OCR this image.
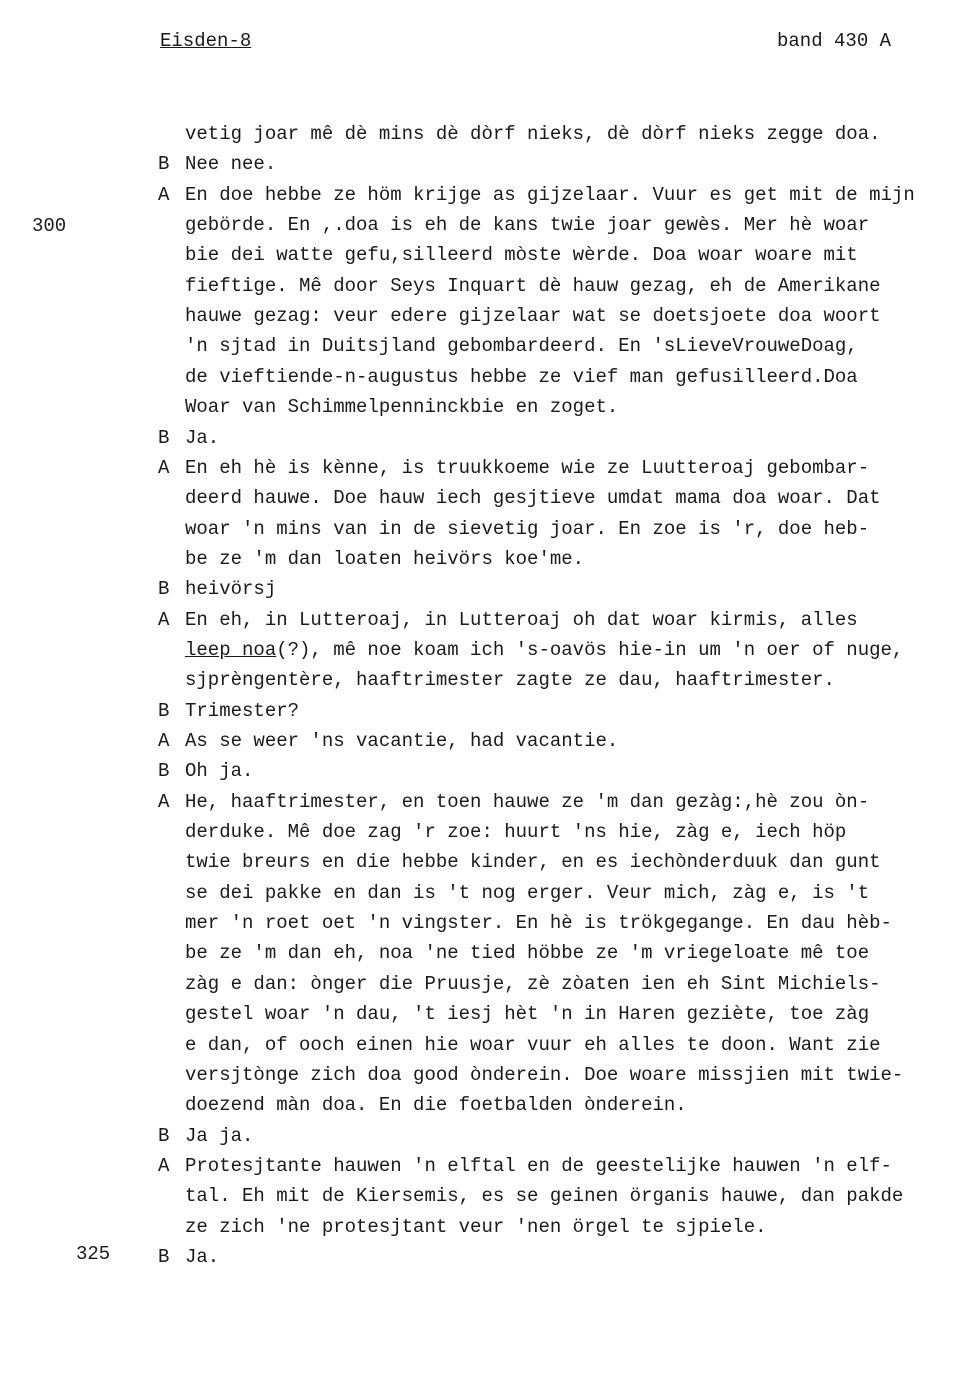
Eisden-8	band 430 A
300
325
vetig joar mê dè mins dè dòrf nieks, dè dòrf nieks zegge doa.
B Nee nee.
A En doe hebbe ze höm krijge as gijzelaar. Vuur es get mit de mijn
gebörde. En ,.doa is eh de kans twie joar gewès. Mer hè woar
bie dei watte gefu,silleerd mòste wèrde. Doa woar woare mit
fieftige. Mê door Seys Inquart dè hauw gezag, eh de Amerikane
hauwe gezag: veur edere gijzelaar wat se doetsjoete doa woort
'n sjtad in Duitsjland gebombardeerd. En 'sLieveVrouweDoag,
de vieftiende-n-augustus hebbe ze vief man gefusilleerd.Doa
Woar van Schimmelpenninckbie en zoget.
B Ja.
A En eh hè is kènne, is truukkoeme wie ze Luutteroaj gebombar-
deerd hauwe. Doe hauw iech gesjtieve umdat mama doa woar. Dat
woar 'n mins van in de sievetig joar. En zoe is 'r, doe heb-
be ze 'm dan loaten heivörs koe'me.
B heivörsj
A En eh, in Lutteroaj, in Lutteroaj oh dat woar kirmis, alles
leep noa(?), mê noe koam ich 's-oavös hie-in um 'n oer of nuge,
sjprèngentère, haaftrimester zagte ze dau, haaftrimester.
B Trimester?
A As se weer 'ns vacantie, had vacantie.
B Oh ja.
A He, haaftrimester, en toen hauwe ze 'm dan gezàg:,hè zou òn-
derduke. Mê doe zag 'r zoe: huurt 'ns hie, zàg e, iech höp
twie breurs en die hebbe kinder, en es iechònderduuk dan gunt
se dei pakke en dan is 't nog erger. Veur mich, zàg e, is 't
mer 'n roet oet 'n vingster. En hè is trökgegange. En dau hèb-
be ze 'm dan eh, noa 'ne tied höbbe ze 'm vriegeloate mê toe
zàg e dan: ònger die Pruusje, zè zòaten ien eh Sint Michiels-
gestel woar 'n dau, 't iesj hèt 'n in Haren geziète, toe zàg
e dan, of ooch einen hie woar vuur eh alles te doon. Want zie
versjtònge zich doa good ònderein. Doe woare missjien mit twie-
doezend màn doa. En die foetbalden ònderein.
B Ja ja.
A Protesjtante hauwen 'n elftal en de geestelijke hauwen 'n elf-
tal. Eh mit de Kiersemis, es se geinen örganis hauwe, dan pakde
ze zich 'ne protesjtant veur 'nen örgel te sjpiele.
B Ja.
